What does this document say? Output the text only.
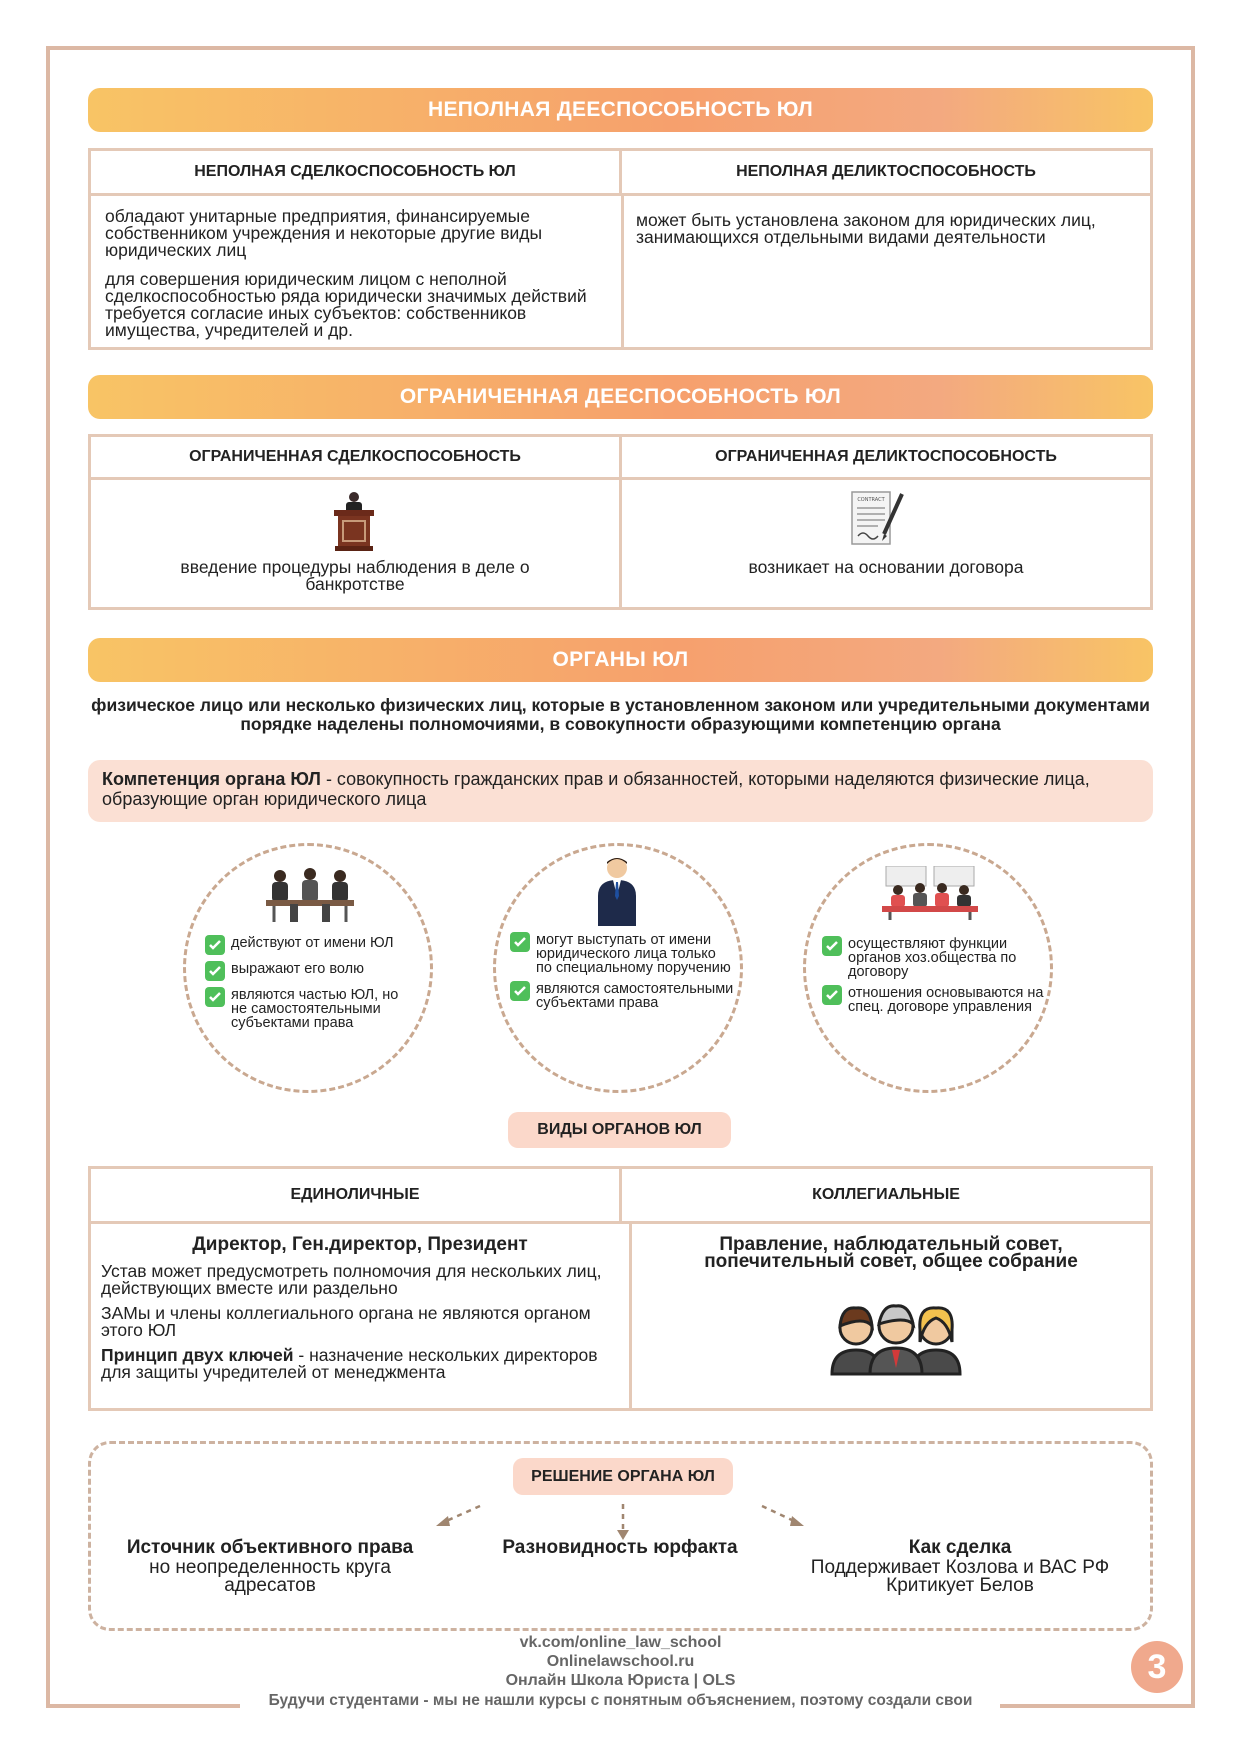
НЕПОЛНАЯ ДЕЕСПОСОБНОСТЬ ЮЛ
НЕПОЛНАЯ СДЕЛКОСПОСОБНОСТЬ ЮЛ	НЕПОЛНАЯ ДЕЛИКТОСПОСОБНОСТЬ

обладают унитарные предприятия, финансируемые собственником учреждения и некоторые другие виды юридических лиц

для совершения юридическим лицом с неполной сделкоспособностью ряда юридически значимых действий требуется согласие иных субъектов: собственников имущества, учредителей и др.

может быть установлена законом для юридических лиц, занимающихся отдельными видами деятельности

ОГРАНИЧЕННАЯ ДЕЕСПОСОБНОСТЬ ЮЛ
ОГРАНИЧЕННАЯ СДЕЛКОСПОСОБНОСТЬ	ОГРАНИЧЕННАЯ ДЕЛИКТОСПОСОБНОСТЬ
введение процедуры наблюдения в деле о банкротстве
CONTRACT
возникает на основании договора
ОРГАНЫ ЮЛ
физическое лицо или несколько физических лиц, которые в установленном законом или учредительными документами порядке наделены полномочиями, в совокупности образующими компетенцию органа
Компетенция органа ЮЛ - совокупность гражданских прав и обязанностей, которыми наделяются физические лица, образующие орган юридического лица
действуют от имени ЮЛ
выражают его волю
являются частью ЮЛ, но не самостоятельными субъектами права
могут выступать от имени юридического лица только по специальному поручению
являются самостоятельными субъектами права
осуществляют функции органов хоз.общества по договору
отношения основываются на спец. договоре управления
ВИДЫ ОРГАНОВ ЮЛ
ЕДИНОЛИЧНЫЕ	КОЛЛЕГИАЛЬНЫЕ

Директор, Ген.директор, Президент

Устав может предусмотреть полномочия для нескольких лиц, действующих вместе или раздельно

ЗАМы и члены коллегиального органа не являются органом этого ЮЛ

Принцип двух ключей - назначение нескольких директоров для защиты учредителей от менеджмента

Правление, наблюдательный совет, попечительный совет, общее собрание
РЕШЕНИЕ ОРГАНА ЮЛ
Источник объективного права
но неопределенность круга адресатов
Разновидность юрфакта	Как сделка
Поддерживает Козлова и ВАС РФ
Критикует Белов
vk.com/online_law_school
Onlinelawschool.ru
Онлайн Школа Юриста | OLS
Будучи студентами - мы не нашли курсы с понятным объяснением, поэтому создали свои
3
